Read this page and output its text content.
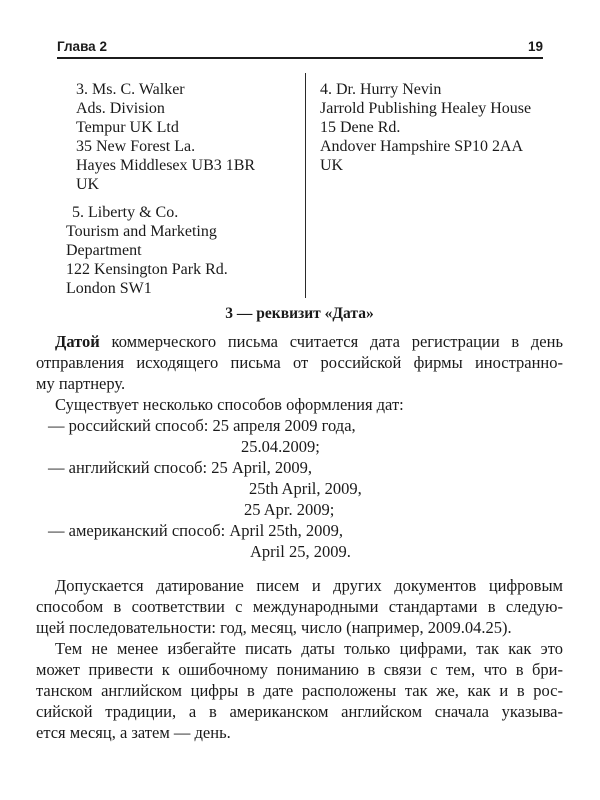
Глава 2	19
3. Ms. C. Walker
Ads. Division
Tempur UK Ltd
35 New Forest La.
Hayes Middlesex UB3 1BR
UK
4. Dr. Hurry Nevin
Jarrold Publishing Healey House
15 Dene Rd.
Andover Hampshire SP10 2AA
UK
5. Liberty & Co.
Tourism and Marketing
Department
122 Kensington Park Rd.
London SW1
3 — реквизит «Дата»
Датой коммерческого письма считается дата регистрации в день
отправления исходящего письма от российской фирмы иностранно-
му партнеру.
Существует несколько способов оформления дат:
— российский способ: 25 апреля 2009 года,
25.04.2009;
— английский способ: 25 April, 2009,
25th April, 2009,
25 Apr. 2009;
— американский способ: April 25th, 2009,
April 25, 2009.
Допускается датирование писем и других документов цифровым
способом в соответствии с международными стандартами в следую-
щей последовательности: год, месяц, число (например, 2009.04.25).
Тем не менее избегайте писать даты только цифрами, так как это
может привести к ошибочному пониманию в связи с тем, что в бри-
танском английском цифры в дате расположены так же, как и в рос-
сийской традиции, а в американском английском сначала указыва-
ется месяц, а затем — день.
